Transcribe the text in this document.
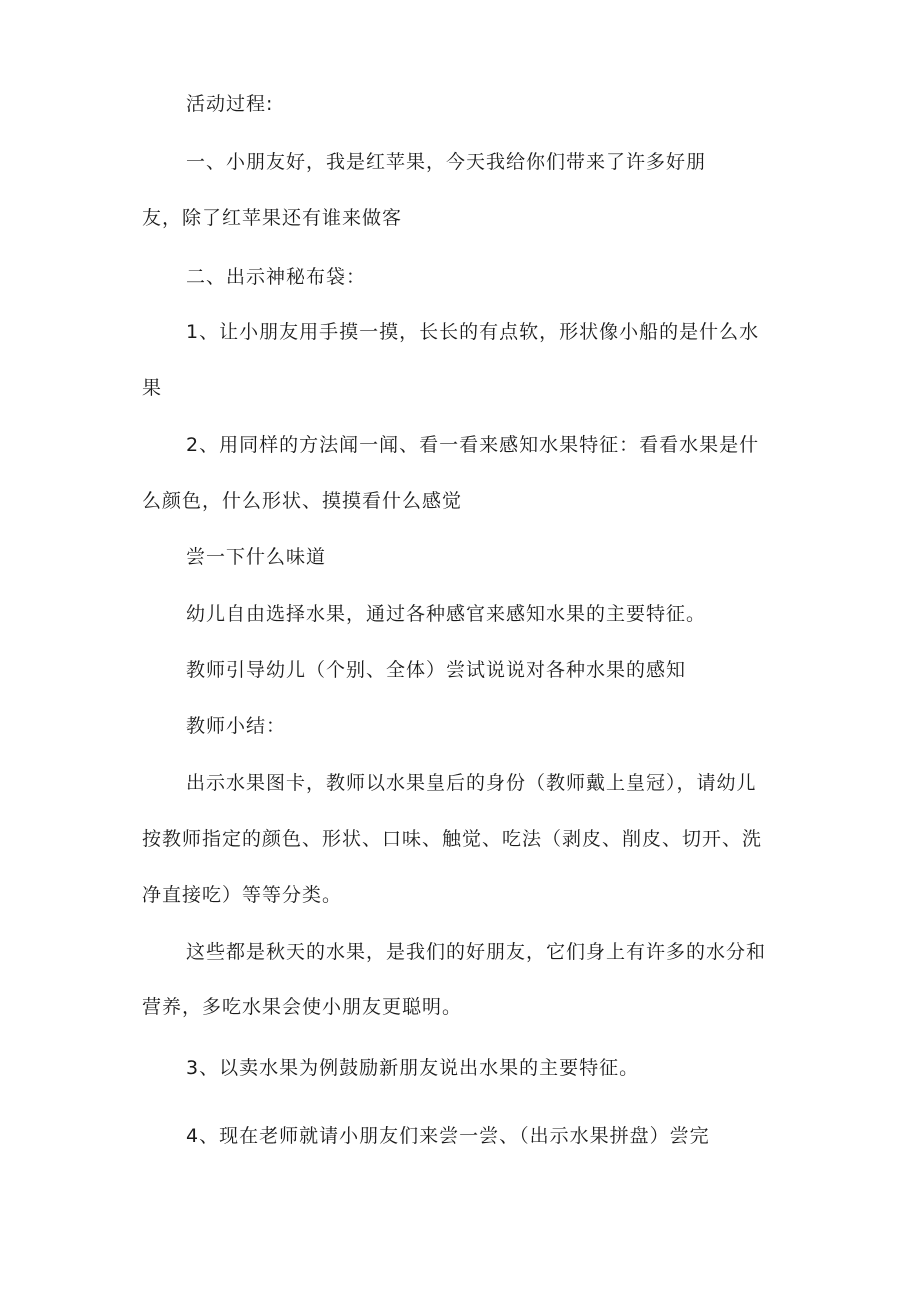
活动过程:
一、小朋友好，我是红苹果，今天我给你们带来了许多好朋
友，除了红苹果还有谁来做客
二、出示神秘布袋：
1、让小朋友用手摸一摸，长长的有点软，形状像小船的是什么水
果
2、用同样的方法闻一闻、看一看来感知水果特征：看看水果是什
么颜色，什么形状、摸摸看什么感觉
尝一下什么味道
幼儿自由选择水果，通过各种感官来感知水果的主要特征。
教师引导幼儿（个别、全体）尝试说说对各种水果的感知
教师小结：
出示水果图卡，教师以水果皇后的身份（教师戴上皇冠），请幼儿
按教师指定的颜色、形状、口味、触觉、吃法（剥皮、削皮、切开、洗
净直接吃）等等分类。
这些都是秋天的水果，是我们的好朋友，它们身上有许多的水分和
营养，多吃水果会使小朋友更聪明。
3、以卖水果为例鼓励新朋友说出水果的主要特征。
4、现在老师就请小朋友们来尝一尝、（出示水果拼盘）尝完
